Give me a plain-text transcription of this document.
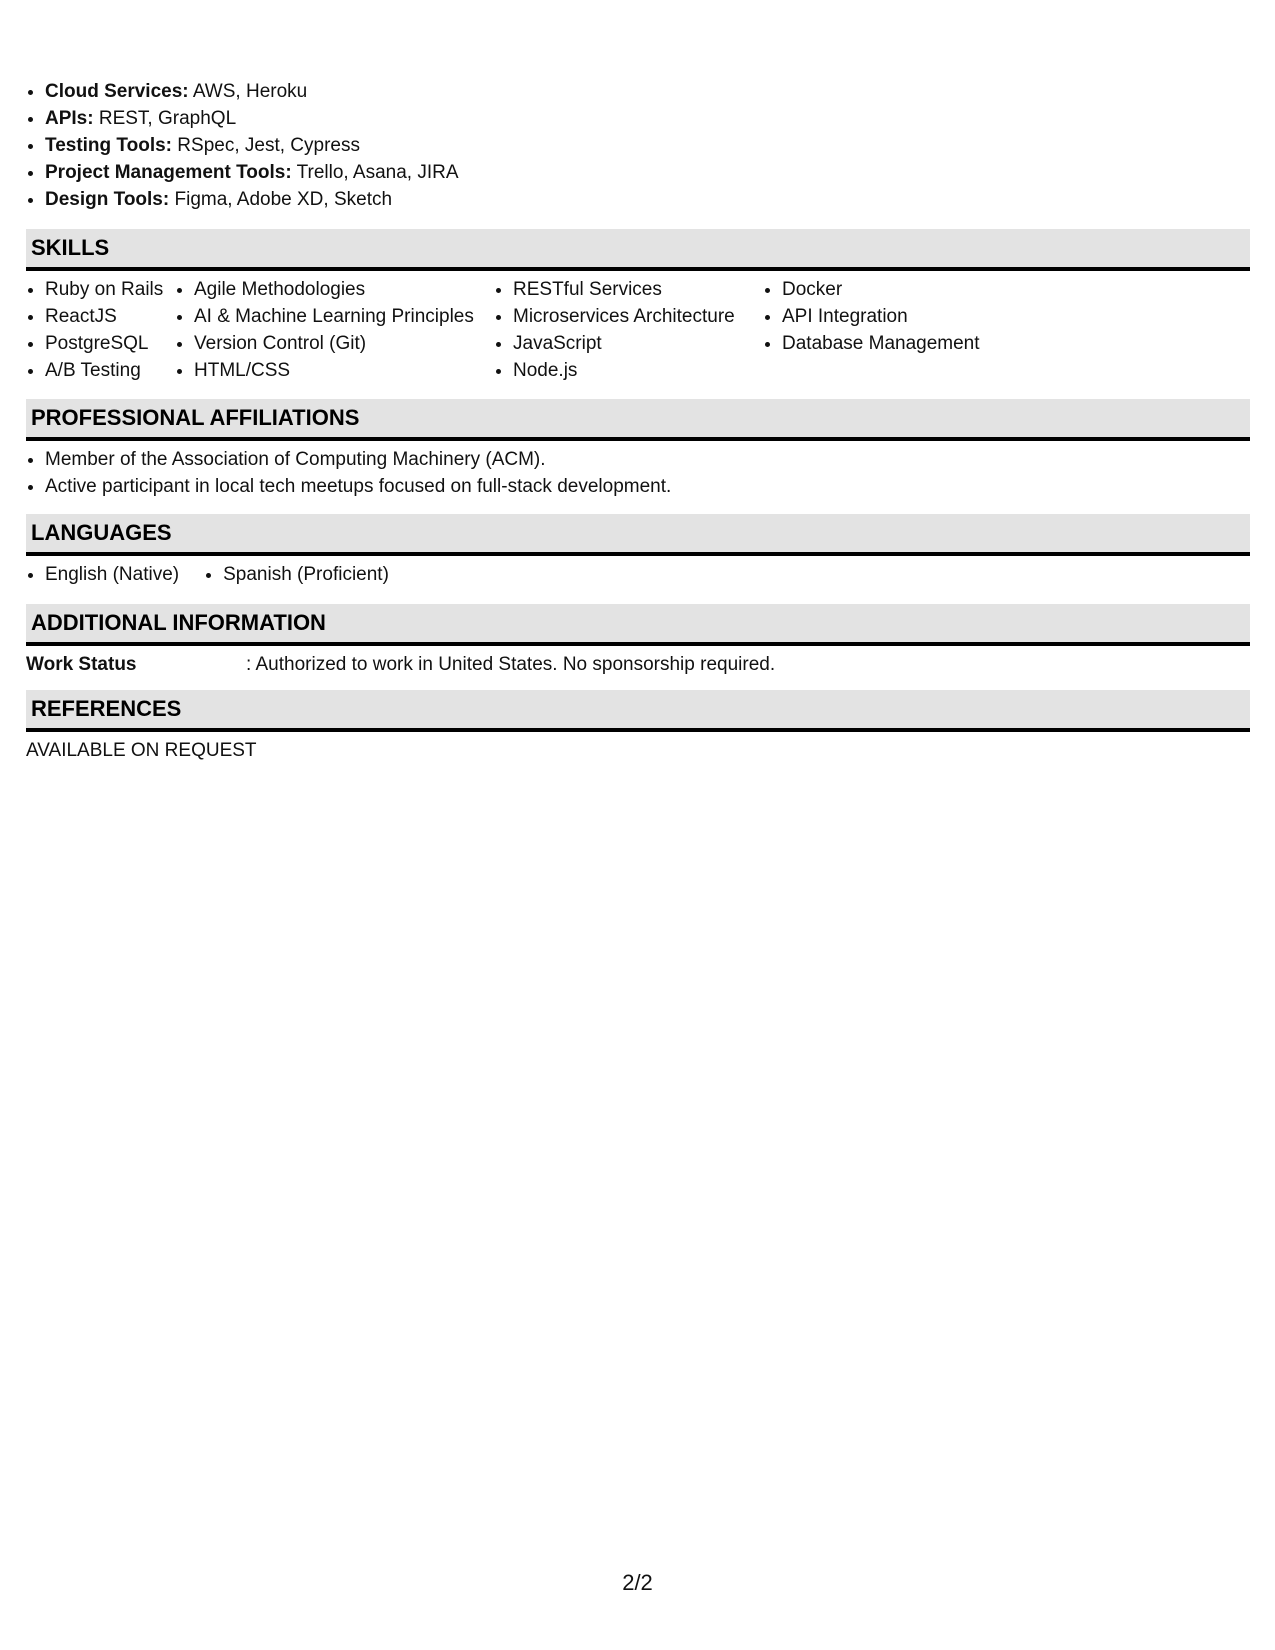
• Cloud Services: AWS, Heroku
• APIs: REST, GraphQL
• Testing Tools: RSpec, Jest, Cypress
• Project Management Tools: Trello, Asana, JIRA
• Design Tools: Figma, Adobe XD, Sketch
SKILLS
• Ruby on Rails
• ReactJS
• PostgreSQL
• A/B Testing
• Agile Methodologies
• AI & Machine Learning Principles
• Version Control (Git)
• HTML/CSS
• RESTful Services
• Microservices Architecture
• JavaScript
• Node.js
• Docker
• API Integration
• Database Management
PROFESSIONAL AFFILIATIONS
• Member of the Association of Computing Machinery (ACM).
• Active participant in local tech meetups focused on full-stack development.
LANGUAGES
• English (Native)
• Spanish (Proficient)
ADDITIONAL INFORMATION
Work Status	: Authorized to work in United States. No sponsorship required.
REFERENCES
AVAILABLE ON REQUEST
2/2
